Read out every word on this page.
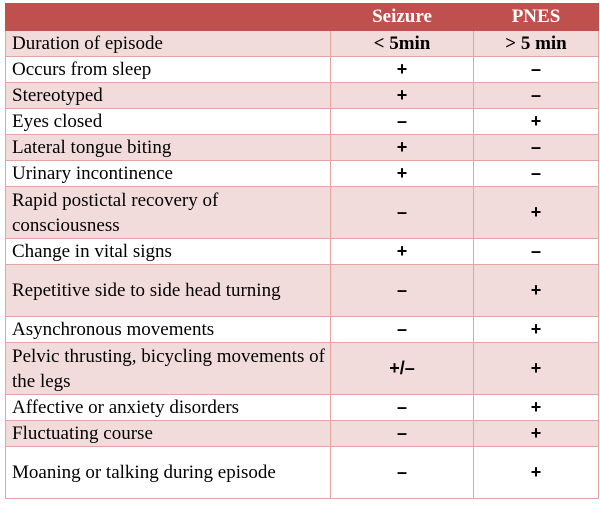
	Seizure	PNES
Duration of episode	< 5min	> 5 min
Occurs from sleep	+	–
Stereotyped	+	–
Eyes closed	–	+
Lateral tongue biting	+	–
Urinary incontinence	+	–
Rapid postictal recovery of consciousness	–	+
Change in vital signs	+	–
Repetitive side to side head turning	–	+
Asynchronous movements	–	+
Pelvic thrusting, bicycling movements of the legs	+/–	+
Affective or anxiety disorders	–	+
Fluctuating course	–	+
Moaning or talking during episode	–	+
